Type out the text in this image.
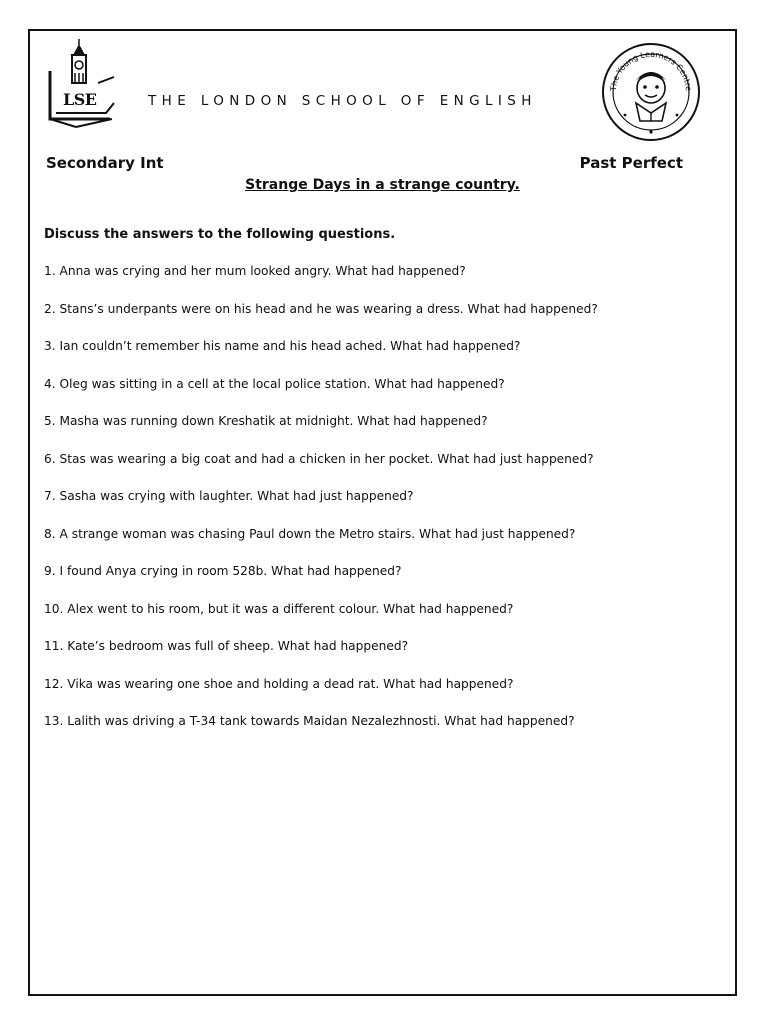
LSE	THE LONDON SCHOOL OF ENGLISH
The Young Learners Centre
Secondary Int	Past Perfect
Strange Days in a strange country.
Discuss the answers to the following questions.
1. Anna was crying and her mum looked angry. What had happened?
2. Stans’s underpants were on his head and he was wearing a dress. What had happened?
3. Ian couldn’t remember his name and his head ached. What had happened?
4. Oleg was sitting in a cell at the local police station. What had happened?
5. Masha was running down Kreshatik at midnight. What had happened?
6. Stas was wearing a big coat and had a chicken in her pocket. What had just happened?
7. Sasha was crying with laughter. What had just happened?
8. A strange woman was chasing Paul down the Metro stairs. What had just happened?
9. I found Anya crying in room 528b. What had happened?
10. Alex went to his room, but it was a different colour. What had happened?
11. Kate’s bedroom was full of sheep. What had happened?
12. Vika was wearing one shoe and holding a dead rat. What had happened?
13. Lalith was driving a T-34 tank towards Maidan Nezalezhnosti. What had happened?
